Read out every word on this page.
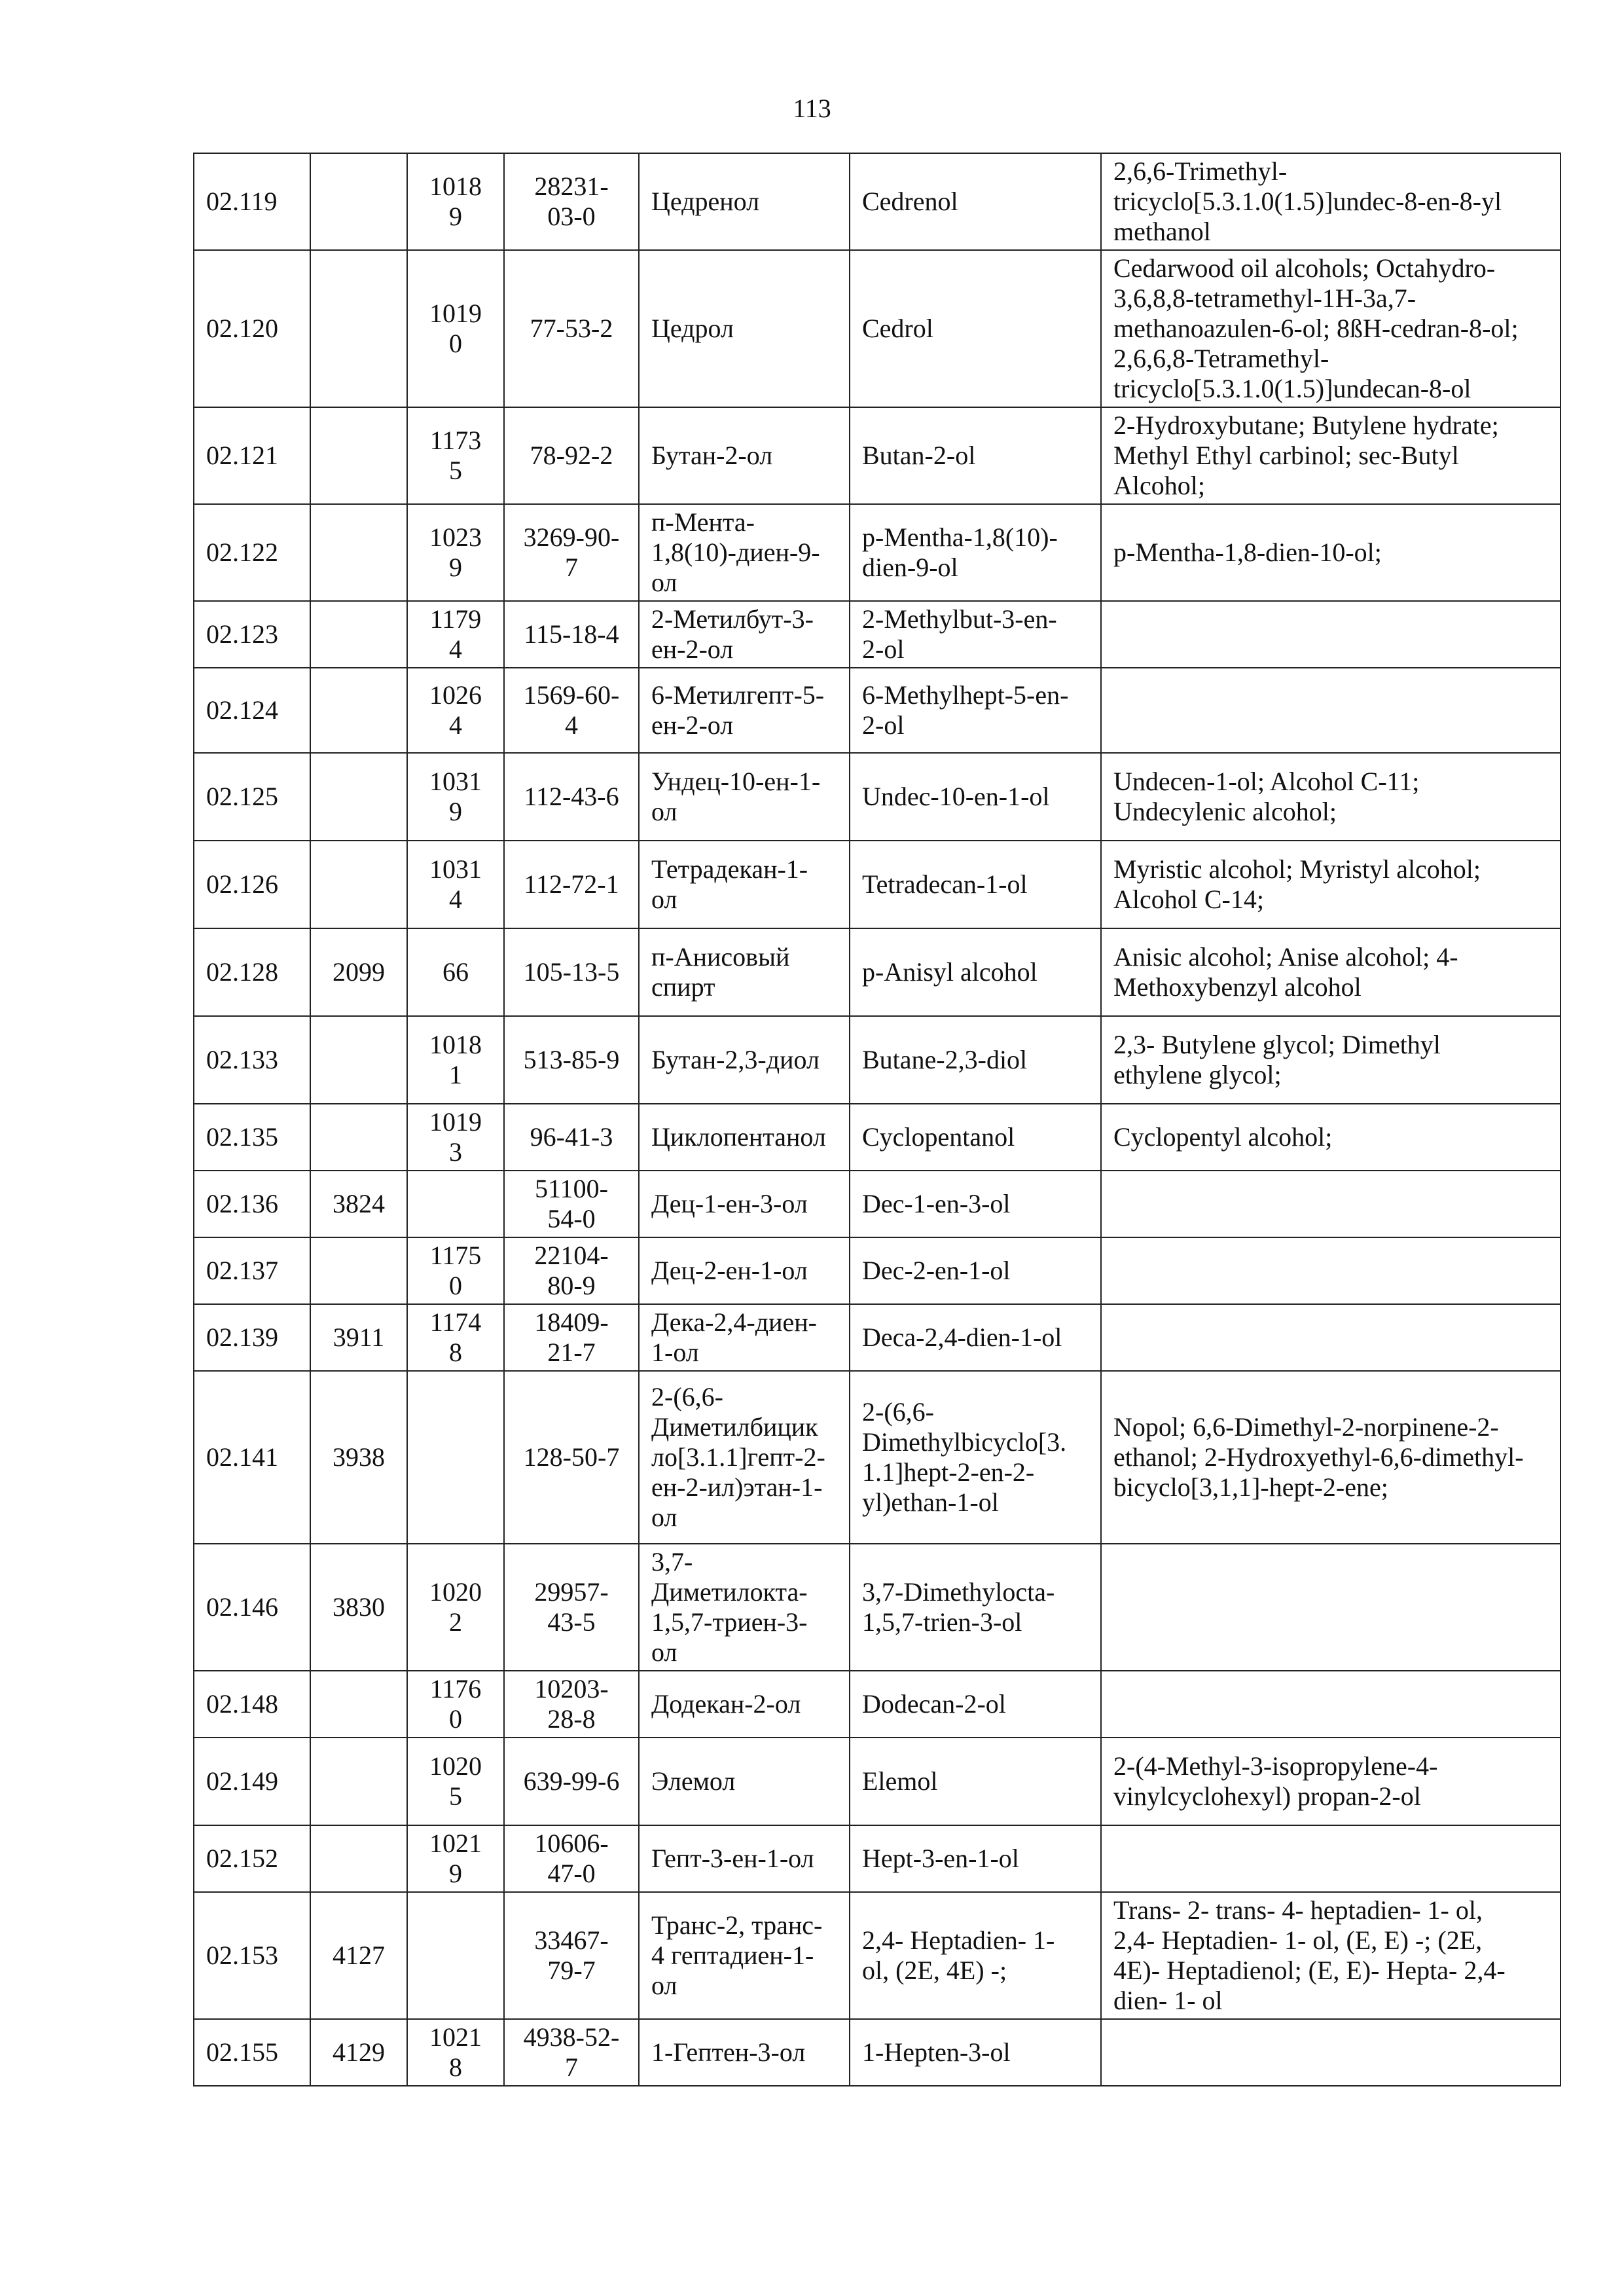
113
02.119		1018
9	28231-
03-0	Цедренол	Cedrenol	2,6,6-Trimethyl-
tricyclo[5.3.1.0(1.5)]undec-8-en-8-yl
methanol
02.120		1019
0	77-53-2	Цедрол	Cedrol	Cedarwood oil alcohols; Octahydro-
3,6,8,8-tetramethyl-1H-3a,7-
methanoazulen-6-ol; 8ßH-cedran-8-ol;
2,6,6,8-Tetramethyl-
tricyclo[5.3.1.0(1.5)]undecan-8-ol
02.121		1173
5	78-92-2	Бутан-2-ол	Butan-2-ol	2-Hydroxybutane; Butylene hydrate;
Methyl Ethyl carbinol; sec-Butyl
Alcohol;
02.122		1023
9	3269-90-
7	п-Мента-
1,8(10)-диен-9-
ол	p-Mentha-1,8(10)-
dien-9-ol	p-Mentha-1,8-dien-10-ol;
02.123		1179
4	115-18-4	2-Метилбут-3-
ен-2-ол	2-Methylbut-3-en-
2-ol	
02.124		1026
4	1569-60-
4	6-Метилгепт-5-
ен-2-ол	6-Methylhept-5-en-
2-ol	
02.125		1031
9	112-43-6	Ундец-10-ен-1-
ол	Undec-10-en-1-ol	Undecen-1-ol; Alcohol C-11;
Undecylenic alcohol;
02.126		1031
4	112-72-1	Тетрадекан-1-
ол	Tetradecan-1-ol	Myristic alcohol; Myristyl alcohol;
Alcohol C-14;
02.128	2099	66	105-13-5	п-Анисовый
спирт	p-Anisyl alcohol	Anisic alcohol; Anise alcohol; 4-
Methoxybenzyl alcohol
02.133		1018
1	513-85-9	Бутан-2,3-диол	Butane-2,3-diol	2,3- Butylene glycol; Dimethyl
ethylene glycol;
02.135		1019
3	96-41-3	Циклопентанол	Cyclopentanol	Cyclopentyl alcohol;
02.136	3824		51100-
54-0	Дец-1-ен-3-ол	Dec-1-en-3-ol	
02.137		1175
0	22104-
80-9	Дец-2-ен-1-ол	Dec-2-en-1-ol	
02.139	3911	1174
8	18409-
21-7	Дека-2,4-диен-
1-ол	Deca-2,4-dien-1-ol	
02.141	3938		128-50-7	2-(6,6-
Диметилбицик
ло[3.1.1]гепт-2-
ен-2-ил)этан-1-
ол	2-(6,6-
Dimethylbicyclo[3.
1.1]hept-2-en-2-
yl)ethan-1-ol	Nopol; 6,6-Dimethyl-2-norpinene-2-
ethanol; 2-Hydroxyethyl-6,6-dimethyl-
bicyclo[3,1,1]-hept-2-ene;
02.146	3830	1020
2	29957-
43-5	3,7-
Диметилокта-
1,5,7-триен-3-
ол	3,7-Dimethylocta-
1,5,7-trien-3-ol	
02.148		1176
0	10203-
28-8	Додекан-2-ол	Dodecan-2-ol	
02.149		1020
5	639-99-6	Элемол	Elemol	2-(4-Methyl-3-isopropylene-4-
vinylcyclohexyl) propan-2-ol
02.152		1021
9	10606-
47-0	Гепт-3-ен-1-ол	Hept-3-en-1-ol	
02.153	4127		33467-
79-7	Транс-2, транс-
4 гептадиен-1-
ол	2,4- Heptadien- 1-
ol, (2E, 4E) -;	Trans- 2- trans- 4- heptadien- 1- ol,
2,4- Heptadien- 1- ol, (E, E) -; (2E,
4E)- Heptadienol; (E, E)- Hepta- 2,4-
dien- 1- ol
02.155	4129	1021
8	4938-52-
7	1-Гептен-3-ол	1-Hepten-3-ol	
